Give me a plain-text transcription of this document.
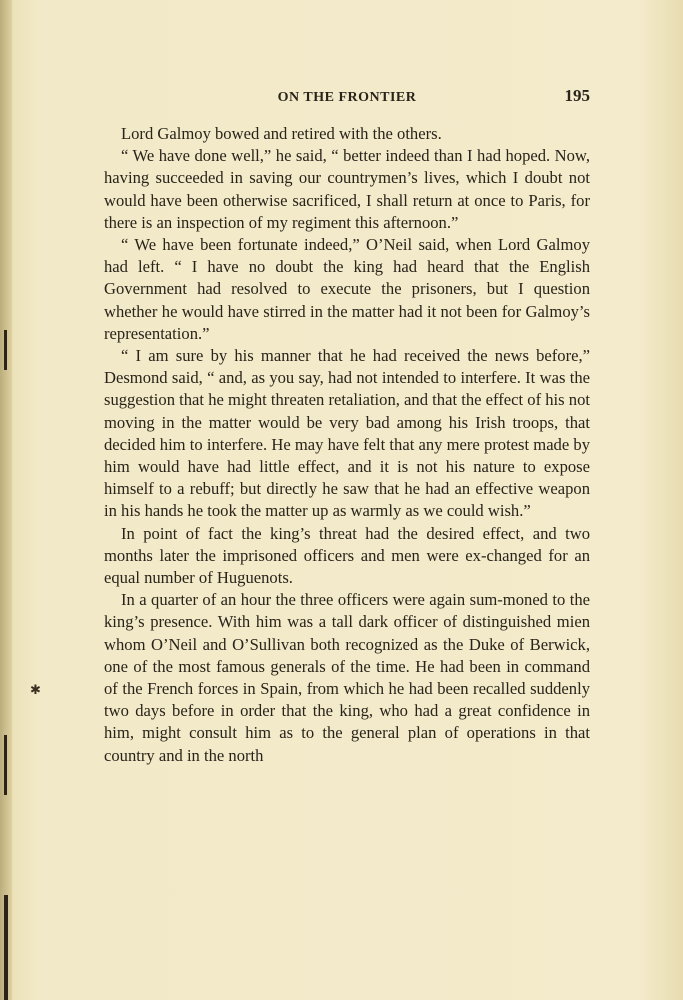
ON THE FRONTIER	195
✱

Lord Galmoy bowed and retired with the others.

“ We have done well,” he said, “ better indeed than I had hoped. Now, having succeeded in saving our countrymen’s lives, which I doubt not would have been otherwise sacrificed, I shall return at once to Paris, for there is an inspection of my regiment this afternoon.”

“ We have been fortunate indeed,” O’Neil said, when Lord Galmoy had left. “ I have no doubt the king had heard that the English Government had resolved to execute the prisoners, but I question whether he would have stirred in the matter had it not been for Galmoy’s representation.”

“ I am sure by his manner that he had received the news before,” Desmond said, “ and, as you say, had not intended to interfere. It was the suggestion that he might threaten retaliation, and that the effect of his not moving in the matter would be very bad among his Irish troops, that decided him to interfere. He may have felt that any mere protest made by him would have had little effect, and it is not his nature to expose himself to a rebuff; but directly he saw that he had an effective weapon in his hands he took the matter up as warmly as we could wish.”

In point of fact the king’s threat had the desired effect, and two months later the imprisoned officers and men were ex-changed for an equal number of Huguenots.

In a quarter of an hour the three officers were again sum-moned to the king’s presence. With him was a tall dark officer of distinguished mien whom O’Neil and O’Sullivan both recognized as the Duke of Berwick, one of the most famous generals of the time. He had been in command of the French forces in Spain, from which he had been recalled suddenly two days before in order that the king, who had a great confidence in him, might consult him as to the general plan of operations in that country and in the north
